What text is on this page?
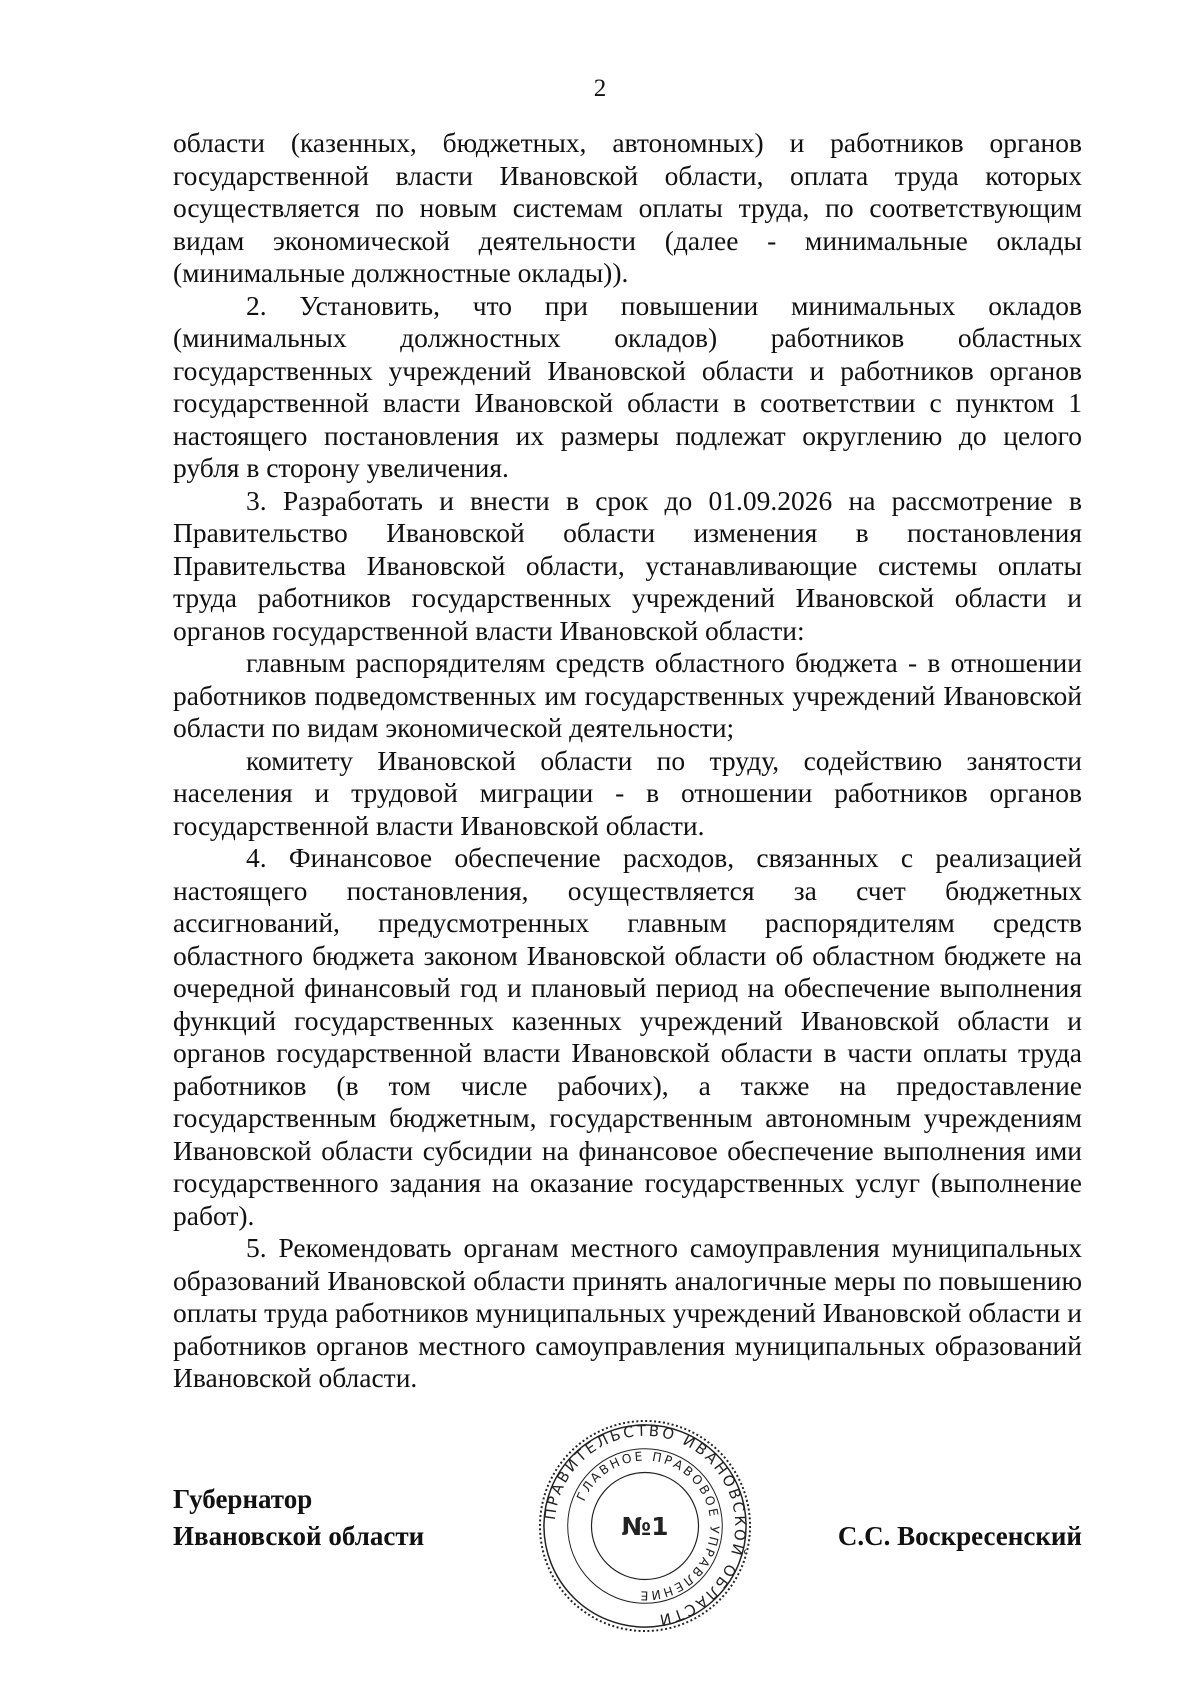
2

области (казенных, бюджетных, автономных) и работников органов государственной власти Ивановской области, оплата труда которых осуществляется по новым системам оплаты труда, по соответствующим видам экономической деятельности (далее - минимальные оклады (минимальные должностные оклады)).

2. Установить, что при повышении минимальных окладов (минимальных должностных окладов) работников областных государственных учреждений Ивановской области и работников органов государственной власти Ивановской области в соответствии с пунктом 1 настоящего постановления их размеры подлежат округлению до целого рубля в сторону увеличения.

3. Разработать и внести в срок до 01.09.2026 на рассмотрение в Правительство Ивановской области изменения в постановления Правительства Ивановской области, устанавливающие системы оплаты труда работников государственных учреждений Ивановской области и органов государственной власти Ивановской области:

главным распорядителям средств областного бюджета - в отношении работников подведомственных им государственных учреждений Ивановской области по видам экономической деятельности;

комитету Ивановской области по труду, содействию занятости населения и трудовой миграции - в отношении работников органов государственной власти Ивановской области.

4. Финансовое обеспечение расходов, связанных с реализацией настоящего постановления, осуществляется за счет бюджетных ассигнований, предусмотренных главным распорядителям средств областного бюджета законом Ивановской области об областном бюджете на очередной финансовый год и плановый период на обеспечение выполнения функций государственных казенных учреждений Ивановской области и органов государственной власти Ивановской области в части оплаты труда работников (в том числе рабочих), а также на предоставление государственным бюджетным, государственным автономным учреждениям Ивановской области субсидии на финансовое обеспечение выполнения ими государственного задания на оказание государственных услуг (выполнение работ).

5. Рекомендовать органам местного самоуправления муниципальных образований Ивановской области принять аналогичные меры по повышению оплаты труда работников муниципальных учреждений Ивановской области и работников органов местного самоуправления муниципальных образований Ивановской области.

Губернатор
Ивановской области	С.С. Воскресенский
ПРАВИТЕЛЬСТВО ИВАНОВСКОЙ ОБЛАСТИ
ГЛАВНОЕ ПРАВОВОЕ УПРАВЛЕНИЕ
№1
